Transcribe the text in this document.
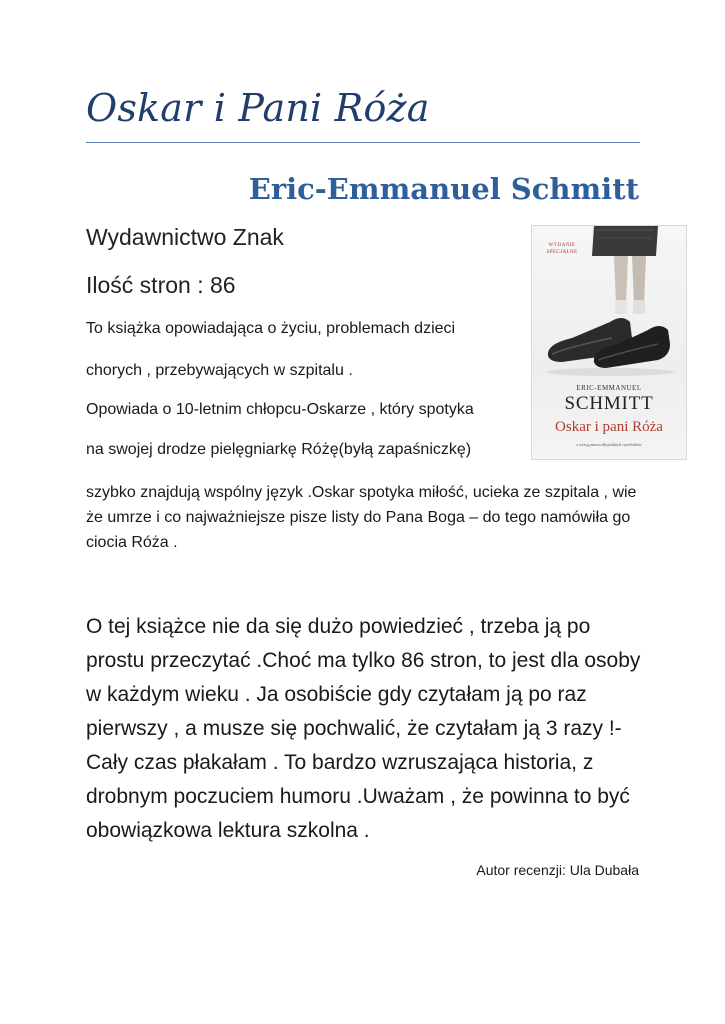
Oskar i Pani Róża
Eric-Emmanuel Schmitt
Wydawnictwo Znak
Ilość stron : 86
To książka opowiadająca o życiu, problemach dzieci
chorych , przebywających w szpitalu .
Opowiada o 10-letnim chłopcu-Oskarze , który spotyka
na swojej drodze pielęgniarkę Różę(byłą zapaśniczkę)

szybko znajdują wspólny język .Oskar spotyka miłość, ucieka ze szpitala , wie że umrze i co najważniejsze pisze listy do Pana Boga – do tego namówiła go ciocia Róża .

O tej książce nie da się dużo powiedzieć , trzeba ją po prostu przeczytać .Choć ma tylko 86 stron, to jest dla osoby w każdym wieku . Ja osobiście gdy czytałam ją po raz pierwszy , a musze się pochwalić, że czytałam ją 3 razy !- Cały czas płakałam . To bardzo wzruszająca historia, z drobnym poczuciem humoru .Uważam , że powinna to być obowiązkowa lektura szkolna .

Autor recenzji: Ula Dubała
WYDANIE SPECJALNE
ERIC-EMMANUEL
SCHMITT
Oskar i pani Róża
z wersją autora dla polskich czytelników
